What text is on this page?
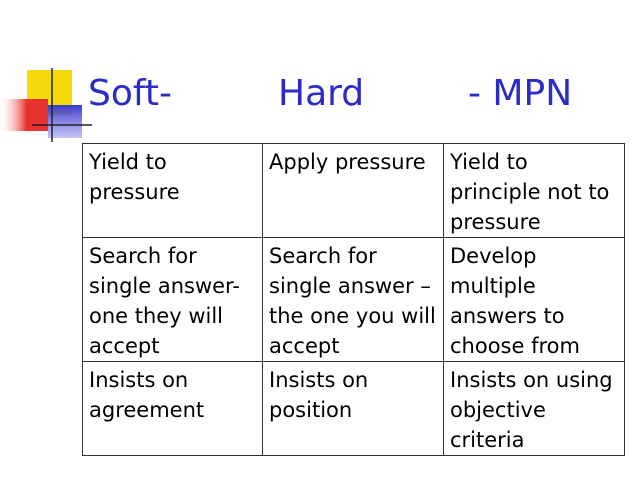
Soft-	Hard	- MPN
Yield to pressure	Apply pressure	Yield to principle not to pressure
Search for single answer-one they will accept	Search for single answer – the one you will accept	Develop multiple answers to choose from
Insists on agreement	Insists on position	Insists on using objective criteria
